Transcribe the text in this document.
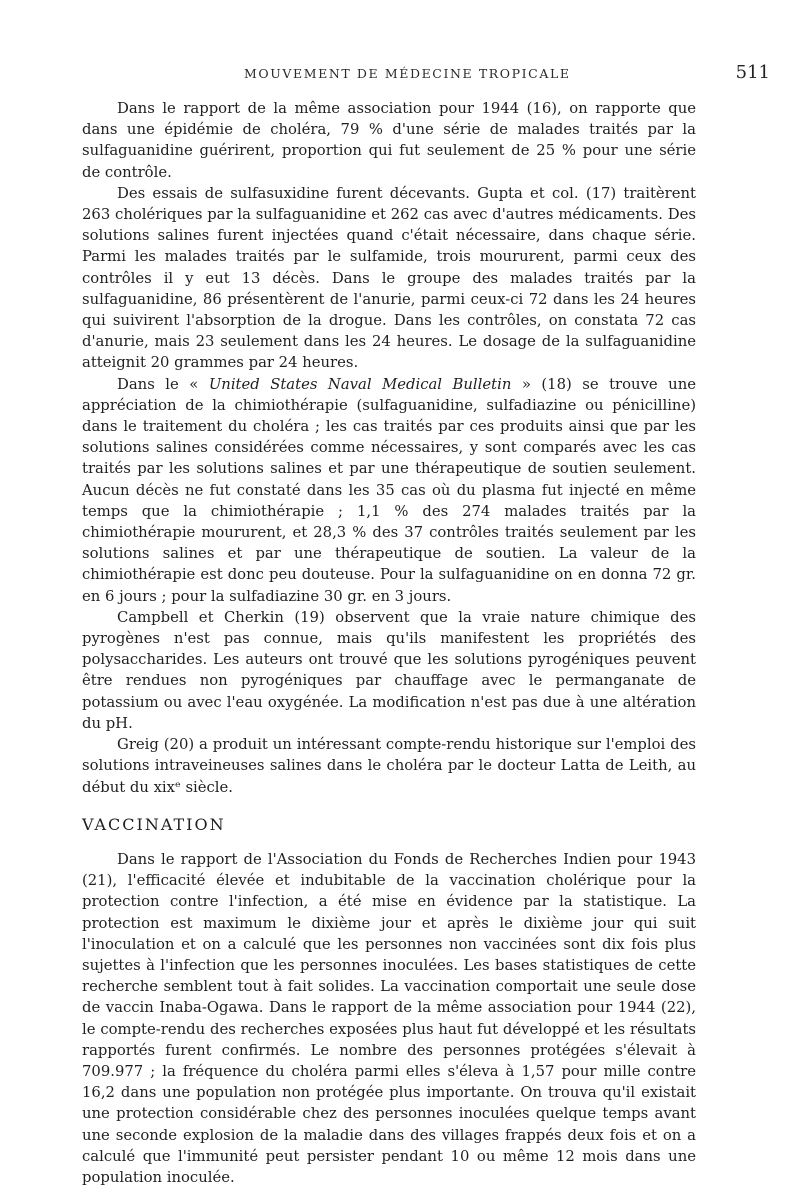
MOUVEMENT DE MÉDECINE TROPICALE	511

Dans le rapport de la même association pour 1944 (16), on rapporte que dans une épidémie de choléra, 79 % d'une série de malades traités par la sulfaguanidine guérirent, proportion qui fut seulement de 25 % pour une série de contrôle.

Des essais de sulfasuxidine furent décevants. Gupta et col. (17) traitèrent 263 cholériques par la sulfaguanidine et 262 cas avec d'autres médicaments. Des solutions salines furent injectées quand c'était nécessaire, dans chaque série. Parmi les malades traités par le sulfamide, trois moururent, parmi ceux des contrôles il y eut 13 décès. Dans le groupe des malades traités par la sulfaguanidine, 86 présentèrent de l'anurie, parmi ceux-ci 72 dans les 24 heures qui suivirent l'absorption de la drogue. Dans les contrôles, on constata 72 cas d'anurie, mais 23 seulement dans les 24 heures. Le dosage de la sulfaguanidine atteignit 20 grammes par 24 heures.

Dans le « United States Naval Medical Bulletin » (18) se trouve une appréciation de la chimiothérapie (sulfaguanidine, sulfadiazine ou pénicilline) dans le traitement du choléra ; les cas traités par ces produits ainsi que par les solutions salines considérées comme nécessaires, y sont comparés avec les cas traités par les solutions salines et par une thérapeutique de soutien seulement. Aucun décès ne fut constaté dans les 35 cas où du plasma fut injecté en même temps que la chimiothérapie ; 1,1 % des 274 malades traités par la chimiothérapie moururent, et 28,3 % des 37 contrôles traités seulement par les solutions salines et par une thérapeutique de soutien. La valeur de la chimiothérapie est donc peu douteuse. Pour la sulfaguanidine on en donna 72 gr. en 6 jours ; pour la sulfadiazine 30 gr. en 3 jours.

Campbell et Cherkin (19) observent que la vraie nature chimique des pyrogènes n'est pas connue, mais qu'ils manifestent les propriétés des polysaccharides. Les auteurs ont trouvé que les solutions pyrogéniques peuvent être rendues non pyrogéniques par chauffage avec le permanganate de potassium ou avec l'eau oxygénée. La modification n'est pas due à une altération du pH.

Greig (20) a produit un intéressant compte-rendu historique sur l'emploi des solutions intraveineuses salines dans le choléra par le docteur Latta de Leith, au début du xixᵉ siècle.

VACCINATION

Dans le rapport de l'Association du Fonds de Recherches Indien pour 1943 (21), l'efficacité élevée et indubitable de la vaccination cholérique pour la protection contre l'infection, a été mise en évidence par la statistique. La protection est maximum le dixième jour et après le dixième jour qui suit l'inoculation et on a calculé que les personnes non vaccinées sont dix fois plus sujettes à l'infection que les personnes inoculées. Les bases statistiques de cette recherche semblent tout à fait solides. La vaccination comportait une seule dose de vaccin Inaba-Ogawa. Dans le rapport de la même association pour 1944 (22), le compte-rendu des recherches exposées plus haut fut développé et les résultats rapportés furent confirmés. Le nombre des personnes protégées s'élevait à 709.977 ; la fréquence du choléra parmi elles s'éleva à 1,57 pour mille contre 16,2 dans une population non protégée plus importante. On trouva qu'il existait une protection considérable chez des personnes inoculées quelque temps avant une seconde explosion de la maladie dans des villages frappés deux fois et on a calculé que l'immunité peut persister pendant 10 ou même 12 mois dans une population inoculée.
